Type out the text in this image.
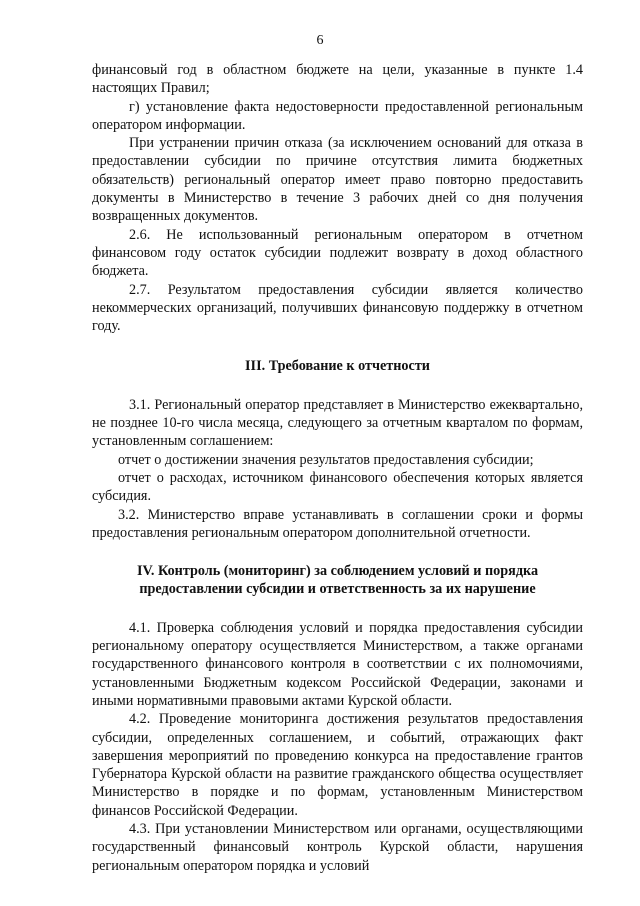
6

финансовый год в областном бюджете на цели, указанные в пункте 1.4 настоящих Правил;

г) установление факта недостоверности предоставленной региональным оператором информации.

При устранении причин отказа (за исключением оснований для отказа в предоставлении субсидии по причине отсутствия лимита бюджетных обязательств) региональный оператор имеет право повторно предоставить документы в Министерство в течение 3 рабочих дней со дня получения возвращенных документов.

2.6. Не использованный региональным оператором в отчетном финансовом году остаток субсидии подлежит возврату в доход областного бюджета.

2.7. Результатом предоставления субсидии является количество некоммерческих организаций, получивших финансовую поддержку в отчетном году.

III. Требование к отчетности

3.1. Региональный оператор представляет в Министерство ежеквартально, не позднее 10-го числа месяца, следующего за отчетным кварталом по формам, установленным соглашением:

отчет о достижении значения результатов предоставления субсидии;

отчет о расходах, источником финансового обеспечения которых является субсидия.

3.2. Министерство вправе устанавливать в соглашении сроки и формы предоставления региональным оператором дополнительной отчетности.

IV. Контроль (мониторинг) за соблюдением условий и порядка
предоставлении субсидии и ответственность за их нарушение

4.1. Проверка соблюдения условий и порядка предоставления субсидии региональному оператору осуществляется Министерством, а также органами государственного финансового контроля в соответствии с их полномочиями, установленными Бюджетным кодексом Российской Федерации, законами и иными нормативными правовыми актами Курской области.

4.2. Проведение мониторинга достижения результатов предоставления субсидии, определенных соглашением, и событий, отражающих факт завершения мероприятий по проведению конкурса на предоставление грантов Губернатора Курской области на развитие гражданского общества осуществляет Министерство в порядке и по формам, установленным Министерством финансов Российской Федерации.

4.3. При установлении Министерством или органами, осуществляющими государственный финансовый контроль Курской области, нарушения региональным оператором порядка и условий
